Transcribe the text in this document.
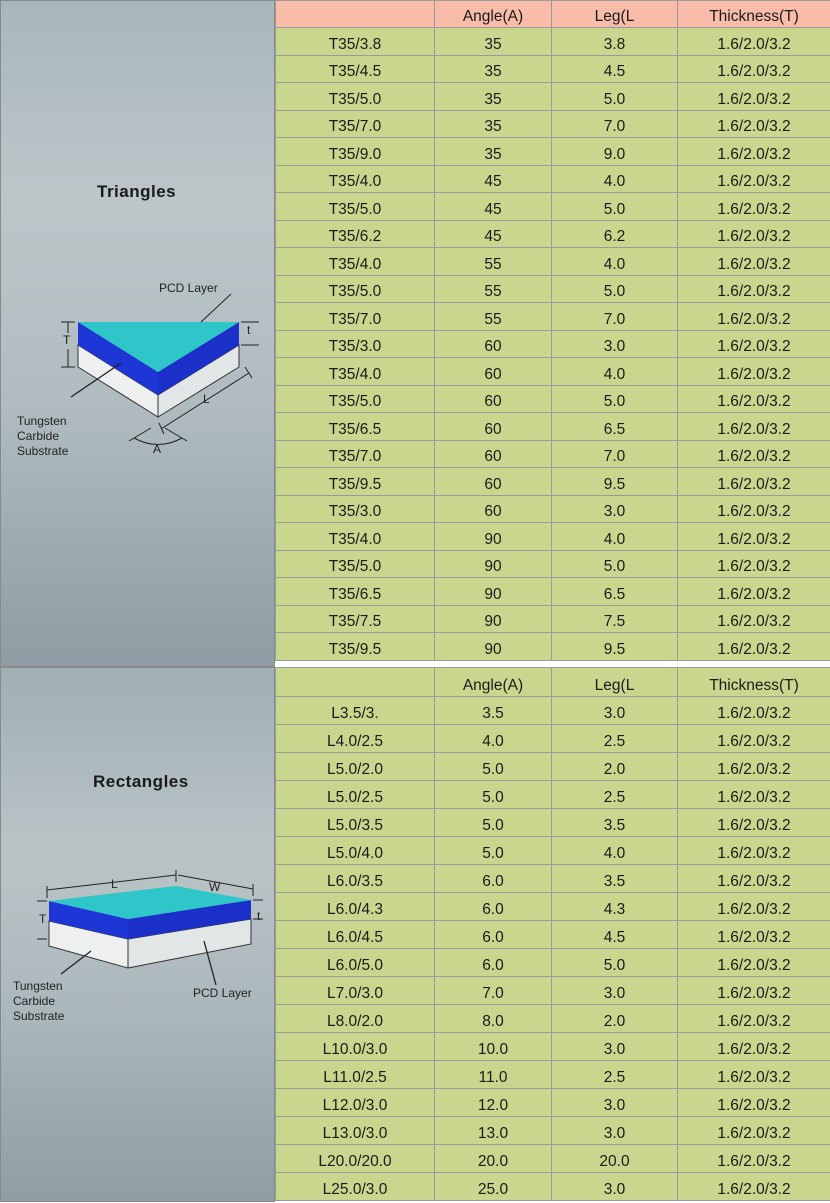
Triangles
PCD Layer
T
t
L
A
Tungsten
Carbide
Substrate
Rectangles
L	W
T	t
PCD Layer
Tungsten
Carbide
Substrate
	Angle(A)	Leg(L	Thickness(T)
T35/3.8	35	3.8	1.6/2.0/3.2
T35/4.5	35	4.5	1.6/2.0/3.2
T35/5.0	35	5.0	1.6/2.0/3.2
T35/7.0	35	7.0	1.6/2.0/3.2
T35/9.0	35	9.0	1.6/2.0/3.2
T35/4.0	45	4.0	1.6/2.0/3.2
T35/5.0	45	5.0	1.6/2.0/3.2
T35/6.2	45	6.2	1.6/2.0/3.2
T35/4.0	55	4.0	1.6/2.0/3.2
T35/5.0	55	5.0	1.6/2.0/3.2
T35/7.0	55	7.0	1.6/2.0/3.2
T35/3.0	60	3.0	1.6/2.0/3.2
T35/4.0	60	4.0	1.6/2.0/3.2
T35/5.0	60	5.0	1.6/2.0/3.2
T35/6.5	60	6.5	1.6/2.0/3.2
T35/7.0	60	7.0	1.6/2.0/3.2
T35/9.5	60	9.5	1.6/2.0/3.2
T35/3.0	60	3.0	1.6/2.0/3.2
T35/4.0	90	4.0	1.6/2.0/3.2
T35/5.0	90	5.0	1.6/2.0/3.2
T35/6.5	90	6.5	1.6/2.0/3.2
T35/7.5	90	7.5	1.6/2.0/3.2
T35/9.5	90	9.5	1.6/2.0/3.2
	Angle(A)	Leg(L	Thickness(T)
L3.5/3.	3.5	3.0	1.6/2.0/3.2
L4.0/2.5	4.0	2.5	1.6/2.0/3.2
L5.0/2.0	5.0	2.0	1.6/2.0/3.2
L5.0/2.5	5.0	2.5	1.6/2.0/3.2
L5.0/3.5	5.0	3.5	1.6/2.0/3.2
L5.0/4.0	5.0	4.0	1.6/2.0/3.2
L6.0/3.5	6.0	3.5	1.6/2.0/3.2
L6.0/4.3	6.0	4.3	1.6/2.0/3.2
L6.0/4.5	6.0	4.5	1.6/2.0/3.2
L6.0/5.0	6.0	5.0	1.6/2.0/3.2
L7.0/3.0	7.0	3.0	1.6/2.0/3.2
L8.0/2.0	8.0	2.0	1.6/2.0/3.2
L10.0/3.0	10.0	3.0	1.6/2.0/3.2
L11.0/2.5	11.0	2.5	1.6/2.0/3.2
L12.0/3.0	12.0	3.0	1.6/2.0/3.2
L13.0/3.0	13.0	3.0	1.6/2.0/3.2
L20.0/20.0	20.0	20.0	1.6/2.0/3.2
L25.0/3.0	25.0	3.0	1.6/2.0/3.2
